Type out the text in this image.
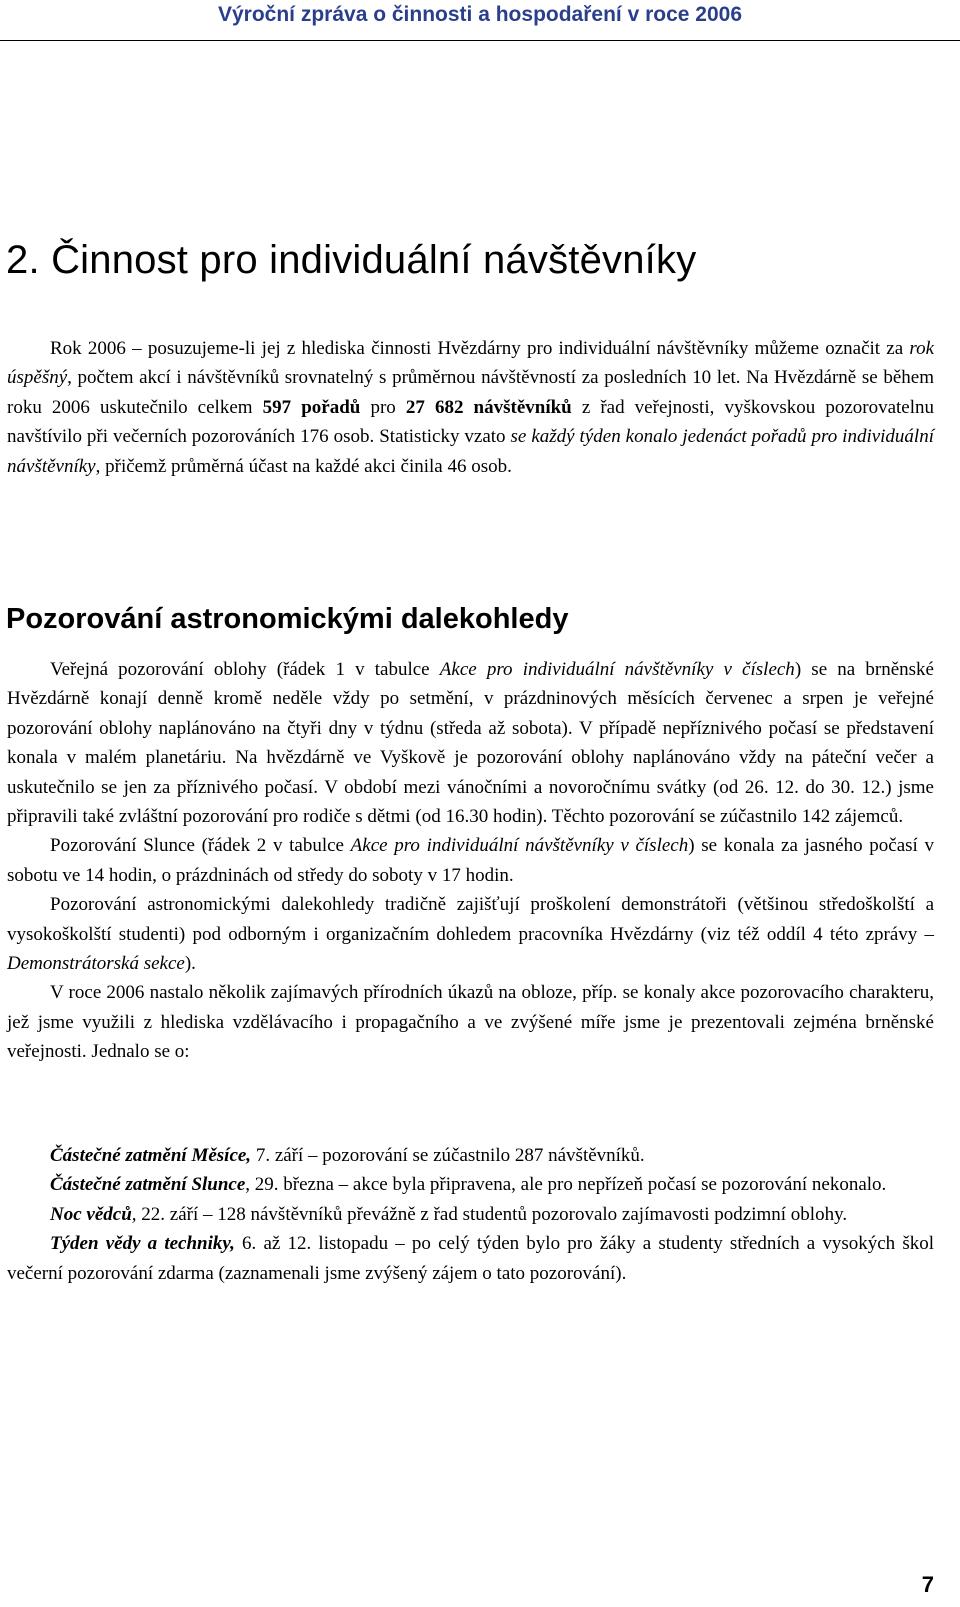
Výroční zpráva o činnosti a hospodaření v roce 2006
2. Činnost pro individuální návštěvníky

Rok 2006 – posuzujeme-li jej z hlediska činnosti Hvězdárny pro individuální návštěvníky můžeme označit za rok úspěšný, počtem akcí i návštěvníků srovnatelný s průměrnou návštěvností za posledních 10 let. Na Hvězdárně se během roku 2006 uskutečnilo celkem 597 pořadů pro 27 682 návštěvníků z řad veřejnosti, vyškovskou pozorovatelnu navštívilo při večerních pozorováních 176 osob. Statisticky vzato se každý týden konalo jedenáct pořadů pro individuální návštěvníky, přičemž průměrná účast na každé akci činila 46 osob.

Pozorování astronomickými dalekohledy

Veřejná pozorování oblohy (řádek 1 v tabulce Akce pro individuální návštěvníky v číslech) se na brněnské Hvězdárně konají denně kromě neděle vždy po setmění, v prázdninových měsících červenec a srpen je veřejné pozorování oblohy naplánováno na čtyři dny v týdnu (středa až sobota). V případě nepříznivého počasí se představení konala v malém planetáriu. Na hvězdárně ve Vyškově je pozorování oblohy naplánováno vždy na páteční večer a uskutečnilo se jen za příznivého počasí. V období mezi vánočními a novoročnímu svátky (od 26. 12. do 30. 12.) jsme připravili také zvláštní pozorování pro rodiče s dětmi (od 16.30 hodin). Těchto pozorování se zúčastnilo 142 zájemců.

Pozorování Slunce (řádek 2 v tabulce Akce pro individuální návštěvníky v číslech) se konala za jasného počasí v sobotu ve 14 hodin, o prázdninách od středy do soboty v 17 hodin.

Pozorování astronomickými dalekohledy tradičně zajišťují proškolení demonstrátoři (většinou středoškolští a vysokoškolští studenti) pod odborným i organizačním dohledem pracovníka Hvězdárny (viz též oddíl 4 této zprávy – Demonstrátorská sekce).

V roce 2006 nastalo několik zajímavých přírodních úkazů na obloze, příp. se konaly akce pozorovacího charakteru, jež jsme využili z hlediska vzdělávacího i propagačního a ve zvýšené míře jsme je prezentovali zejména brněnské veřejnosti. Jednalo se o:

Částečné zatmění Měsíce, 7. září – pozorování se zúčastnilo 287 návštěvníků.

Částečné zatmění Slunce, 29. března – akce byla připravena, ale pro nepřízeň počasí se pozorování nekonalo.

Noc vědců, 22. září – 128 návštěvníků převážně z řad studentů pozorovalo zajímavosti podzimní oblohy.

Týden vědy a techniky, 6. až 12. listopadu – po celý týden bylo pro žáky a studenty středních a vysokých škol večerní pozorování zdarma (zaznamenali jsme zvýšený zájem o tato pozorování).

7
